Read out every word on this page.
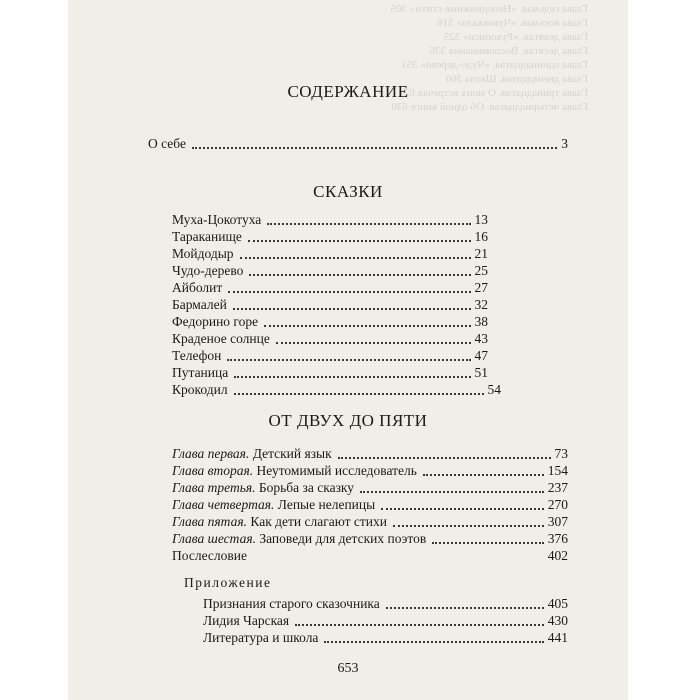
Глава седьмая. «Неподвижные стихи» 305
Глава восьмая. «Чукоккала» 316
Глава девятая. «Рукописи» 325
Глава десятая. Воспоминания 336
Глава одиннадцатая. «Чудо-дерево» 351
Глава двенадцатая. Школа 360
Глава тринадцатая. О моих встречах 621
Глава четырнадцатая. Об одной книге 630
СОДЕРЖАНИЕ
О себе	3
СКАЗКИ
Муха-Цокотуха	13
Тараканище	16
Мойдодыр	21
Чудо-дерево	25
Айболит	27
Бармалей	32
Федорино горе	38
Краденое солнце	43
Телефон	47
Путаница	51
Крокодил	54
ОТ ДВУХ ДО ПЯТИ
Глава первая. Детский язык	73
Глава вторая. Неутомимый исследователь	154
Глава третья. Борьба за сказку	237
Глава четвертая. Лепые нелепицы	270
Глава пятая. Как дети слагают стихи	307
Глава шестая. Заповеди для детских поэтов	376
Послесловие	402
Приложение
Признания старого сказочника	405
Лидия Чарская	430
Литература и школа	441
653
